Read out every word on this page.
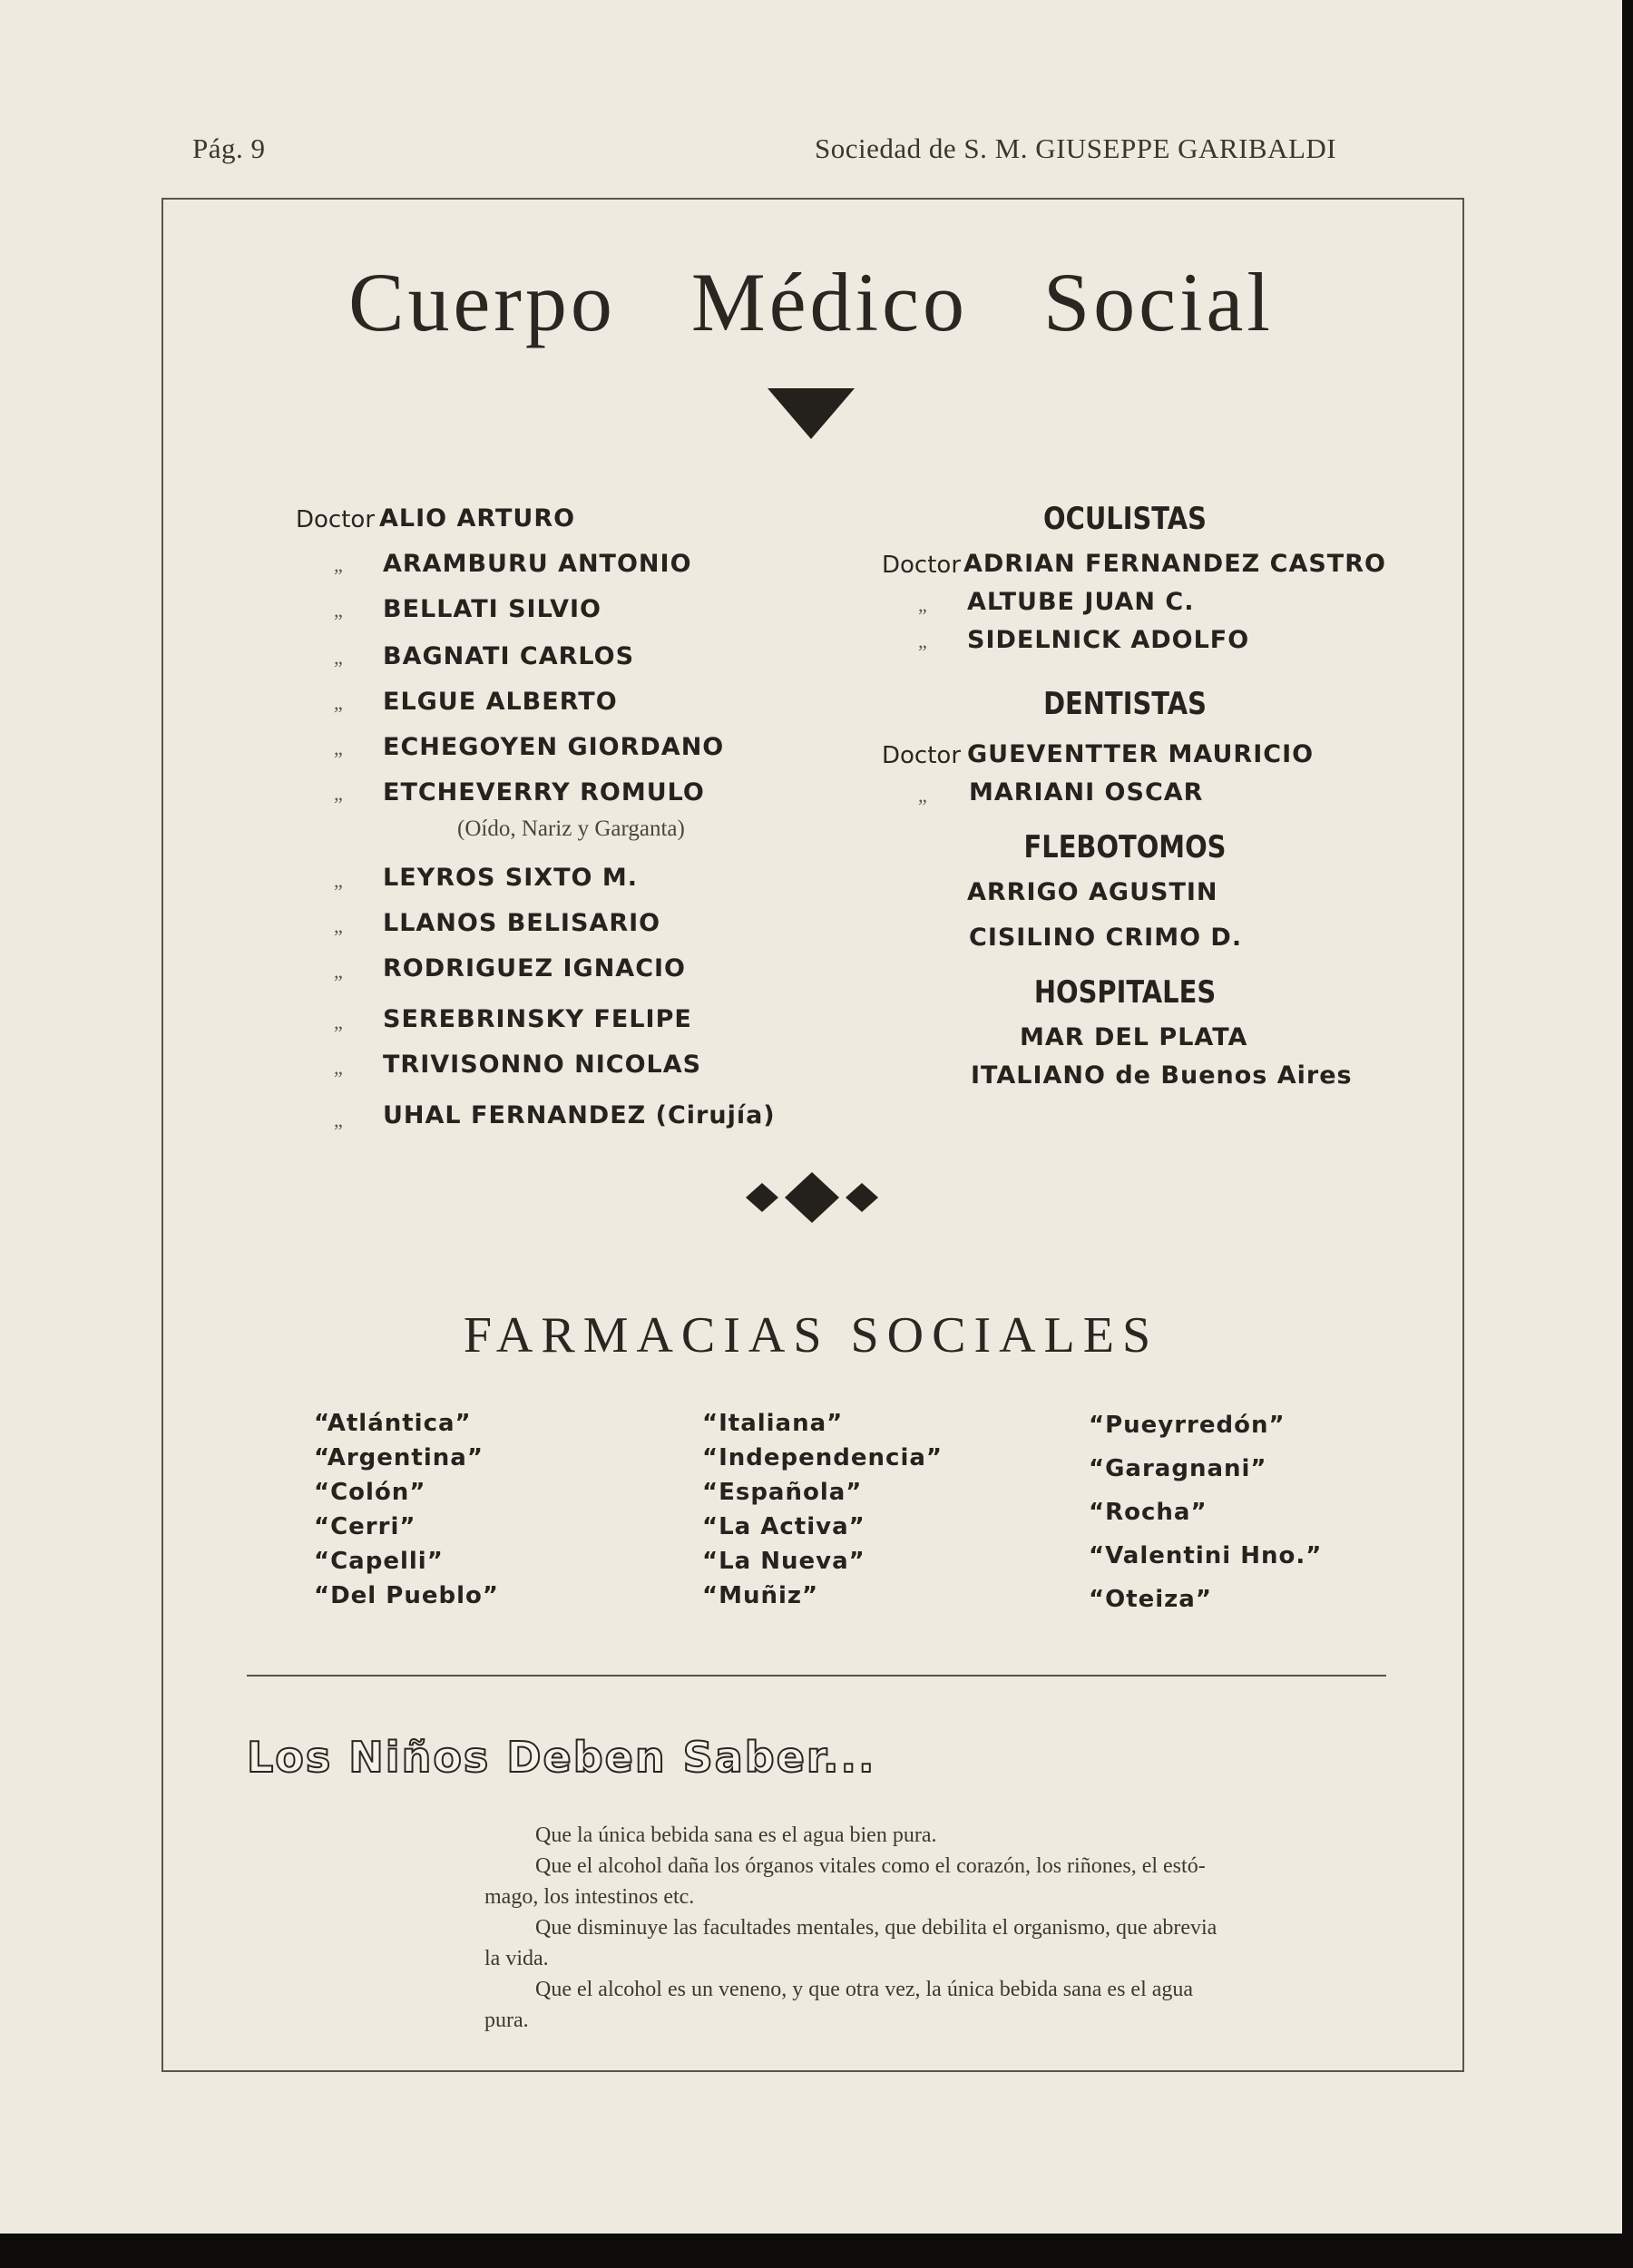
Pág. 9	Sociedad de S. M. GIUSEPPE GARIBALDI
Cuerpo Médico Social
Doctor ALIO ARTURO
„ ARAMBURU ANTONIO
„ BELLATI SILVIO
„ BAGNATI CARLOS
„ ELGUE ALBERTO
„ ECHEGOYEN GIORDANO
„ ETCHEVERRY ROMULO
(Oído, Nariz y Garganta)
„ LEYROS SIXTO M.
„ LLANOS BELISARIO
„ RODRIGUEZ IGNACIO
„ SEREBRINSKY FELIPE
„ TRIVISONNO NICOLAS
„ UHAL FERNANDEZ (Cirujía)
OCULISTAS
Doctor ADRIAN FERNANDEZ CASTRO
„ ALTUBE JUAN C.
„ SIDELNICK ADOLFO
DENTISTAS
Doctor GUEVENTTER MAURICIO
„ MARIANI OSCAR
FLEBOTOMOS
ARRIGO AGUSTIN
CISILINO CRIMO D.
HOSPITALES
MAR DEL PLATA
ITALIANO de Buenos Aires
FARMACIAS SOCIALES
“Atlántica”
“Argentina”
“Colón”
“Cerri”
“Capelli”
“Del Pueblo”
“Italiana”
“Independencia”
“Española”
“La Activa”
“La Nueva”
“Muñiz”
“Pueyrredón”
“Garagnani”
“Rocha”
“Valentini Hno.”
“Oteiza”
Los Niños Deben Saber...
Que la única bebida sana es el agua bien pura.
Que el alcohol daña los órganos vitales como el corazón, los riñones, el estó-
mago, los intestinos etc.
Que disminuye las facultades mentales, que debilita el organismo, que abrevia
la vida.
Que el alcohol es un veneno, y que otra vez, la única bebida sana es el agua
pura.
